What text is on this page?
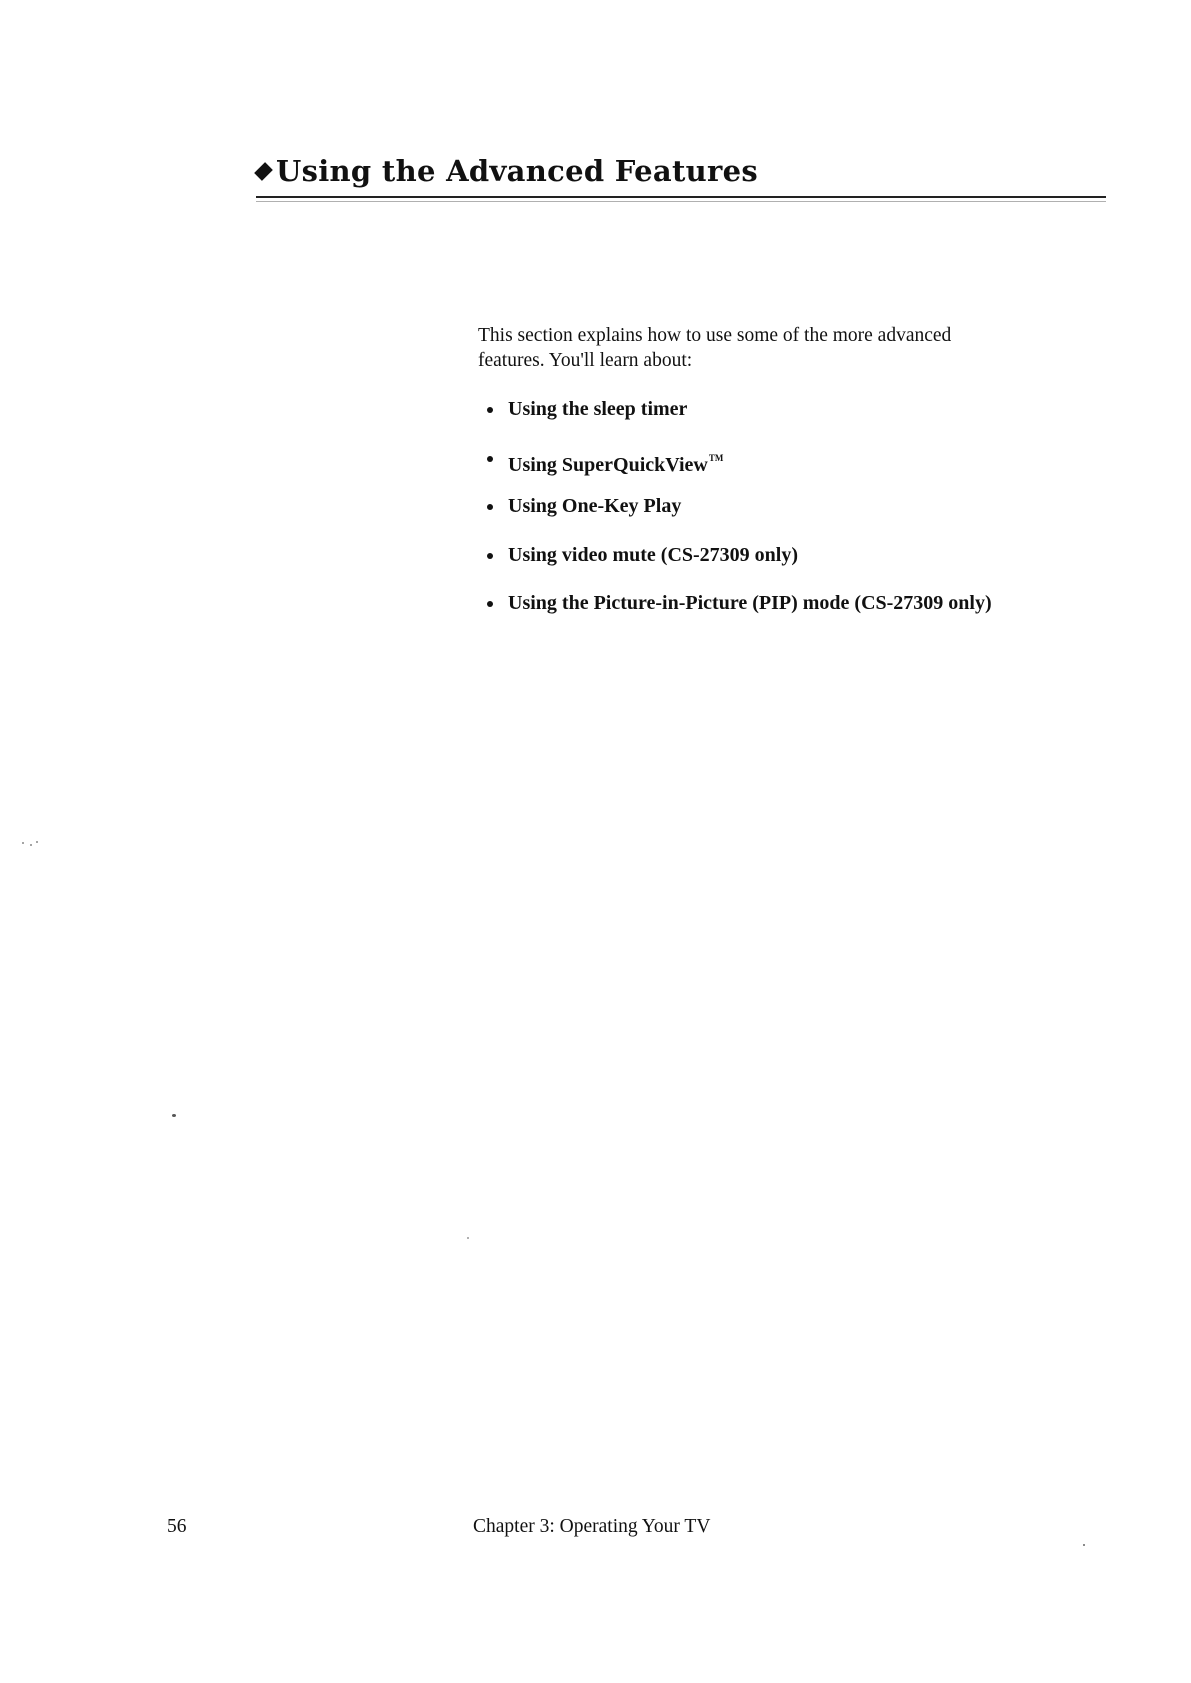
Using the Advanced Features

This section explains how to use some of the more advanced
features. You'll learn about:

Using the sleep timer
Using SuperQuickView™
Using One-Key Play
Using video mute (CS-27309 only)
Using the Picture-in-Picture (PIP) mode (CS-27309 only)
56	Chapter 3: Operating Your TV
